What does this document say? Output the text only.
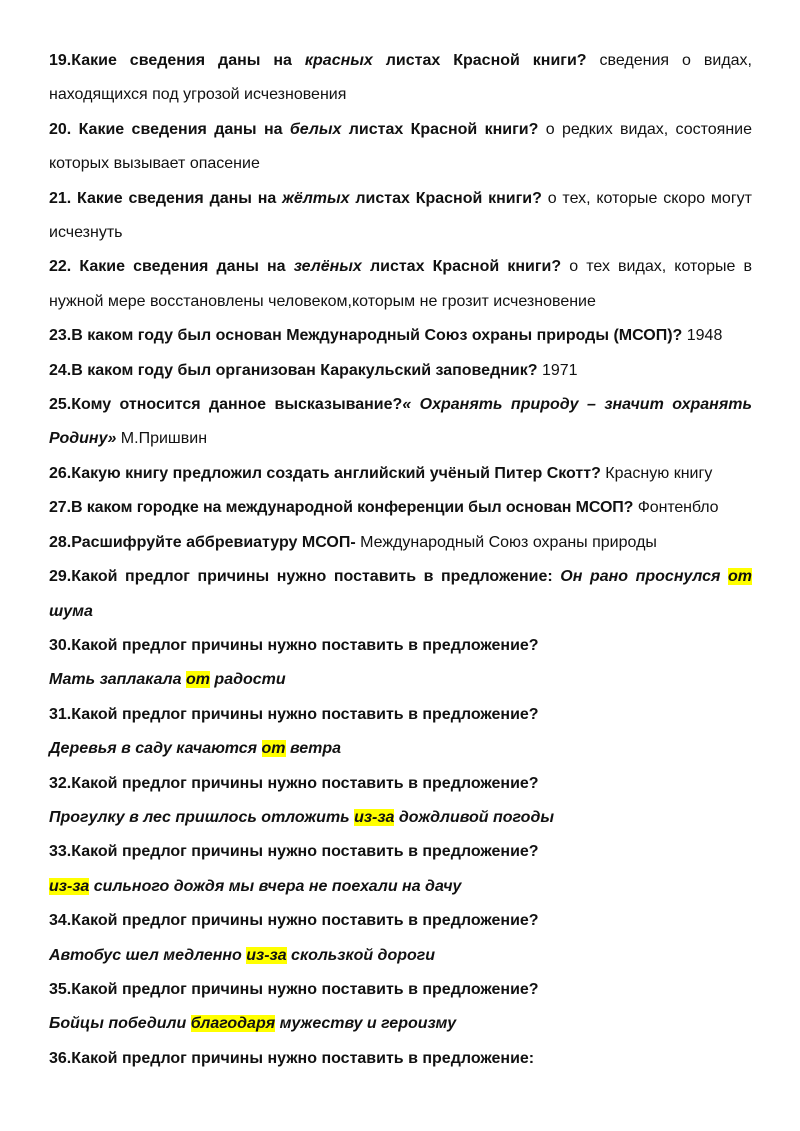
19.Какие сведения даны на красных листах Красной книги? сведения о видах, находящихся под угрозой исчезновения

20. Какие сведения даны на белых листах Красной книги? о редких видах, состояние которых вызывает опасение

21. Какие сведения даны на жёлтых листах Красной книги? о тех, которые скоро могут исчезнуть

22. Какие сведения даны на зелёных листах Красной книги? о тех видах, которые в нужной мере восстановлены человеком,которым не грозит исчезновение

23.В каком году был основан Международный Союз охраны природы (МСОП)? 1948

24.В каком году был организован Каракульский заповедник? 1971

25.Кому относится данное высказывание?« Охранять природу – значит охранять Родину» М.Пришвин

26.Какую книгу предложил создать английский учёный Питер Скотт? Красную книгу

27.В каком городке на международной конференции был основан МСОП? Фонтенбло

28.Расшифруйте аббревиатуру МСОП- Международный Союз охраны природы

29.Какой предлог причины нужно поставить в предложение: Он рано проснулся от шума

30.Какой предлог причины нужно поставить в предложение?

Мать заплакала от радости

31.Какой предлог причины нужно поставить в предложение?

Деревья в саду качаются от ветра

32.Какой предлог причины нужно поставить в предложение?

Прогулку в лес пришлось отложить из-за дождливой погоды

33.Какой предлог причины нужно поставить в предложение?

из-за сильного дождя мы вчера не поехали на дачу

34.Какой предлог причины нужно поставить в предложение?

Автобус шел медленно из-за скользкой дороги

35.Какой предлог причины нужно поставить в предложение?

Бойцы победили благодаря мужеству и героизму

36.Какой предлог причины нужно поставить в предложение:
